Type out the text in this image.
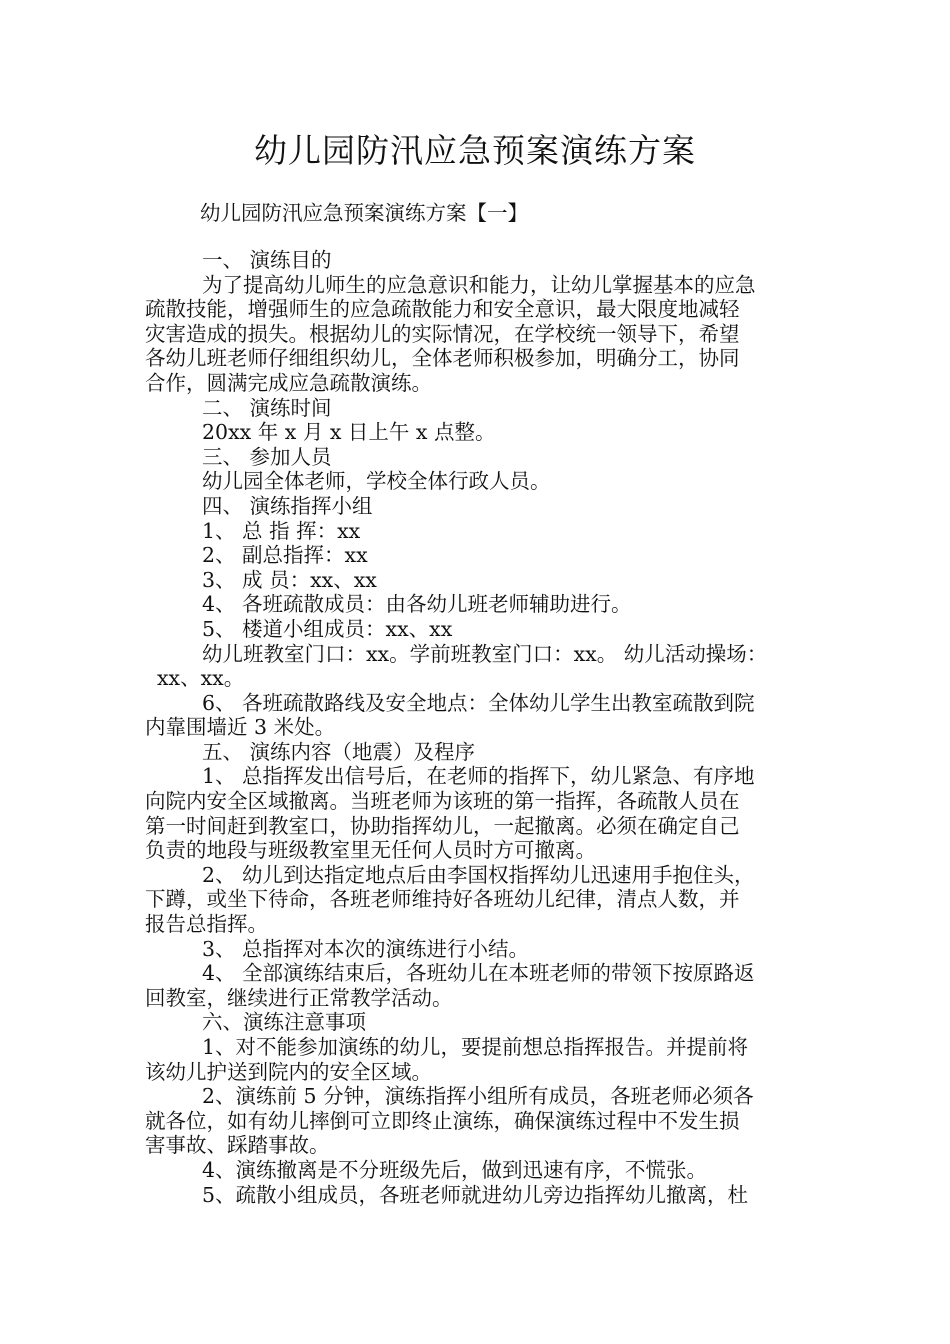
幼儿园防汛应急预案演练方案

幼儿园防汛应急预案演练方案【一】

一、 演练目的
为了提高幼儿师生的应急意识和能力，让幼儿掌握基本的应急
疏散技能，增强师生的应急疏散能力和安全意识，最大限度地减轻
灾害造成的损失。根据幼儿的实际情况，在学校统一领导下，希望
各幼儿班老师仔细组织幼儿，全体老师积极参加，明确分工，协同
合作，圆满完成应急疏散演练。
二、 演练时间
20xx 年 x 月 x 日上午 x 点整。
三、 参加人员
幼儿园全体老师，学校全体行政人员。
四、 演练指挥小组
1、 总 指 挥：xx
2、 副总指挥：xx
3、 成 员：xx、xx
4、 各班疏散成员：由各幼儿班老师辅助进行。
5、 楼道小组成员：xx、xx
幼儿班教室门口：xx。学前班教室门口：xx。 幼儿活动操场：
xx、xx。
6、 各班疏散路线及安全地点：全体幼儿学生出教室疏散到院
内靠围墙近 3 米处。
五、 演练内容（地震）及程序
1、 总指挥发出信号后，在老师的指挥下，幼儿紧急、有序地
向院内安全区域撤离。当班老师为该班的第一指挥，各疏散人员在
第一时间赶到教室口，协助指挥幼儿，一起撤离。必须在确定自己
负责的地段与班级教室里无任何人员时方可撤离。
2、 幼儿到达指定地点后由李国权指挥幼儿迅速用手抱住头，
下蹲，或坐下待命，各班老师维持好各班幼儿纪律，清点人数，并
报告总指挥。
3、 总指挥对本次的演练进行小结。
4、 全部演练结束后，各班幼儿在本班老师的带领下按原路返
回教室，继续进行正常教学活动。
六、演练注意事项
1、对不能参加演练的幼儿，要提前想总指挥报告。并提前将
该幼儿护送到院内的安全区域。
2、演练前 5 分钟，演练指挥小组所有成员，各班老师必须各
就各位，如有幼儿摔倒可立即终止演练，确保演练过程中不发生损
害事故、踩踏事故。
4、演练撤离是不分班级先后，做到迅速有序，不慌张。
5、疏散小组成员，各班老师就进幼儿旁边指挥幼儿撤离，杜
